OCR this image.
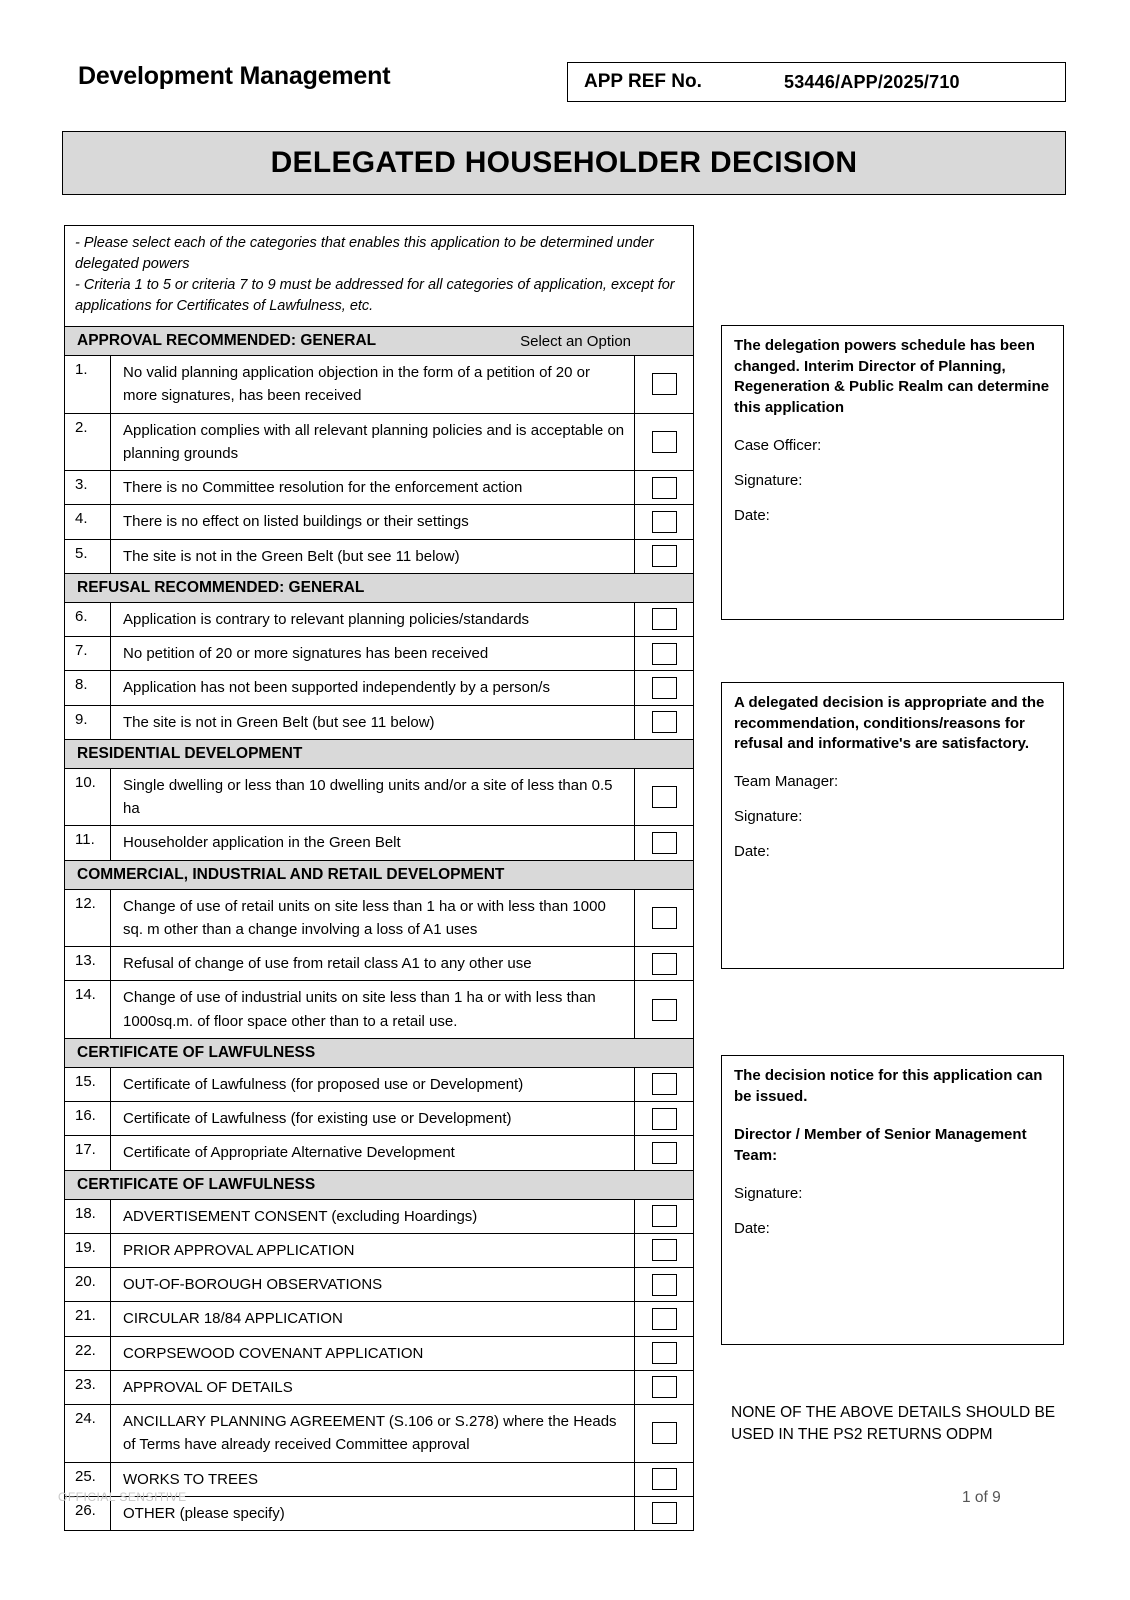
Development Management	APP REF No.	53446/APP/2025/710
DELEGATED HOUSEHOLDER DECISION
- Please select each of the categories that enables this application to be determined under delegated powers
- Criteria 1 to 5 or criteria 7 to 9 must be addressed for all categories of application, except for applications for Certificates of Lawfulness, etc.
APPROVAL RECOMMENDED: GENERAL	Select an Option
1.	No valid planning application objection in the form of a petition of 20 or more signatures, has been received
2.	Application complies with all relevant planning policies and is acceptable on planning grounds
3.	There is no Committee resolution for the enforcement action
4.	There is no effect on listed buildings or their settings
5.	The site is not in the Green Belt (but see 11 below)
REFUSAL RECOMMENDED: GENERAL
6.	Application is contrary to relevant planning policies/standards
7.	No petition of 20 or more signatures has been received
8.	Application has not been supported independently by a person/s
9.	The site is not in Green Belt (but see 11 below)
RESIDENTIAL DEVELOPMENT
10.	Single dwelling or less than 10 dwelling units and/or a site of less than 0.5 ha
11.	Householder application in the Green Belt
COMMERCIAL, INDUSTRIAL AND RETAIL DEVELOPMENT
12.	Change of use of retail units on site less than 1 ha or with less than 1000 sq. m other than a change involving a loss of A1 uses
13.	Refusal of change of use from retail class A1 to any other use
14.	Change of use of industrial units on site less than 1 ha or with less than 1000sq.m. of floor space other than to a retail use.
CERTIFICATE OF LAWFULNESS
15.	Certificate of Lawfulness (for proposed use or Development)
16.	Certificate of Lawfulness (for existing use or Development)
17.	Certificate of Appropriate Alternative Development
CERTIFICATE OF LAWFULNESS
18.	ADVERTISEMENT CONSENT (excluding Hoardings)
19.	PRIOR APPROVAL APPLICATION
20.	OUT-OF-BOROUGH OBSERVATIONS
21.	CIRCULAR 18/84 APPLICATION
22.	CORPSEWOOD COVENANT APPLICATION
23.	APPROVAL OF DETAILS
24.	ANCILLARY PLANNING AGREEMENT (S.106 or S.278) where the Heads of Terms have already received Committee approval
25.	WORKS TO TREES
26.	OTHER (please specify)

The delegation powers schedule has been changed. Interim Director of Planning, Regeneration & Public Realm can determine this application

Case Officer:
Signature:
Date:

A delegated decision is appropriate and the recommendation, conditions/reasons for refusal and informative's are satisfactory.

Team Manager:
Signature:
Date:

The decision notice for this application can be issued.

Director / Member of Senior Management Team:
Signature:
Date:
NONE OF THE ABOVE DETAILS SHOULD BE USED IN THE PS2 RETURNS ODPM
1 of 9
OFFICIAL SENSITIVE
